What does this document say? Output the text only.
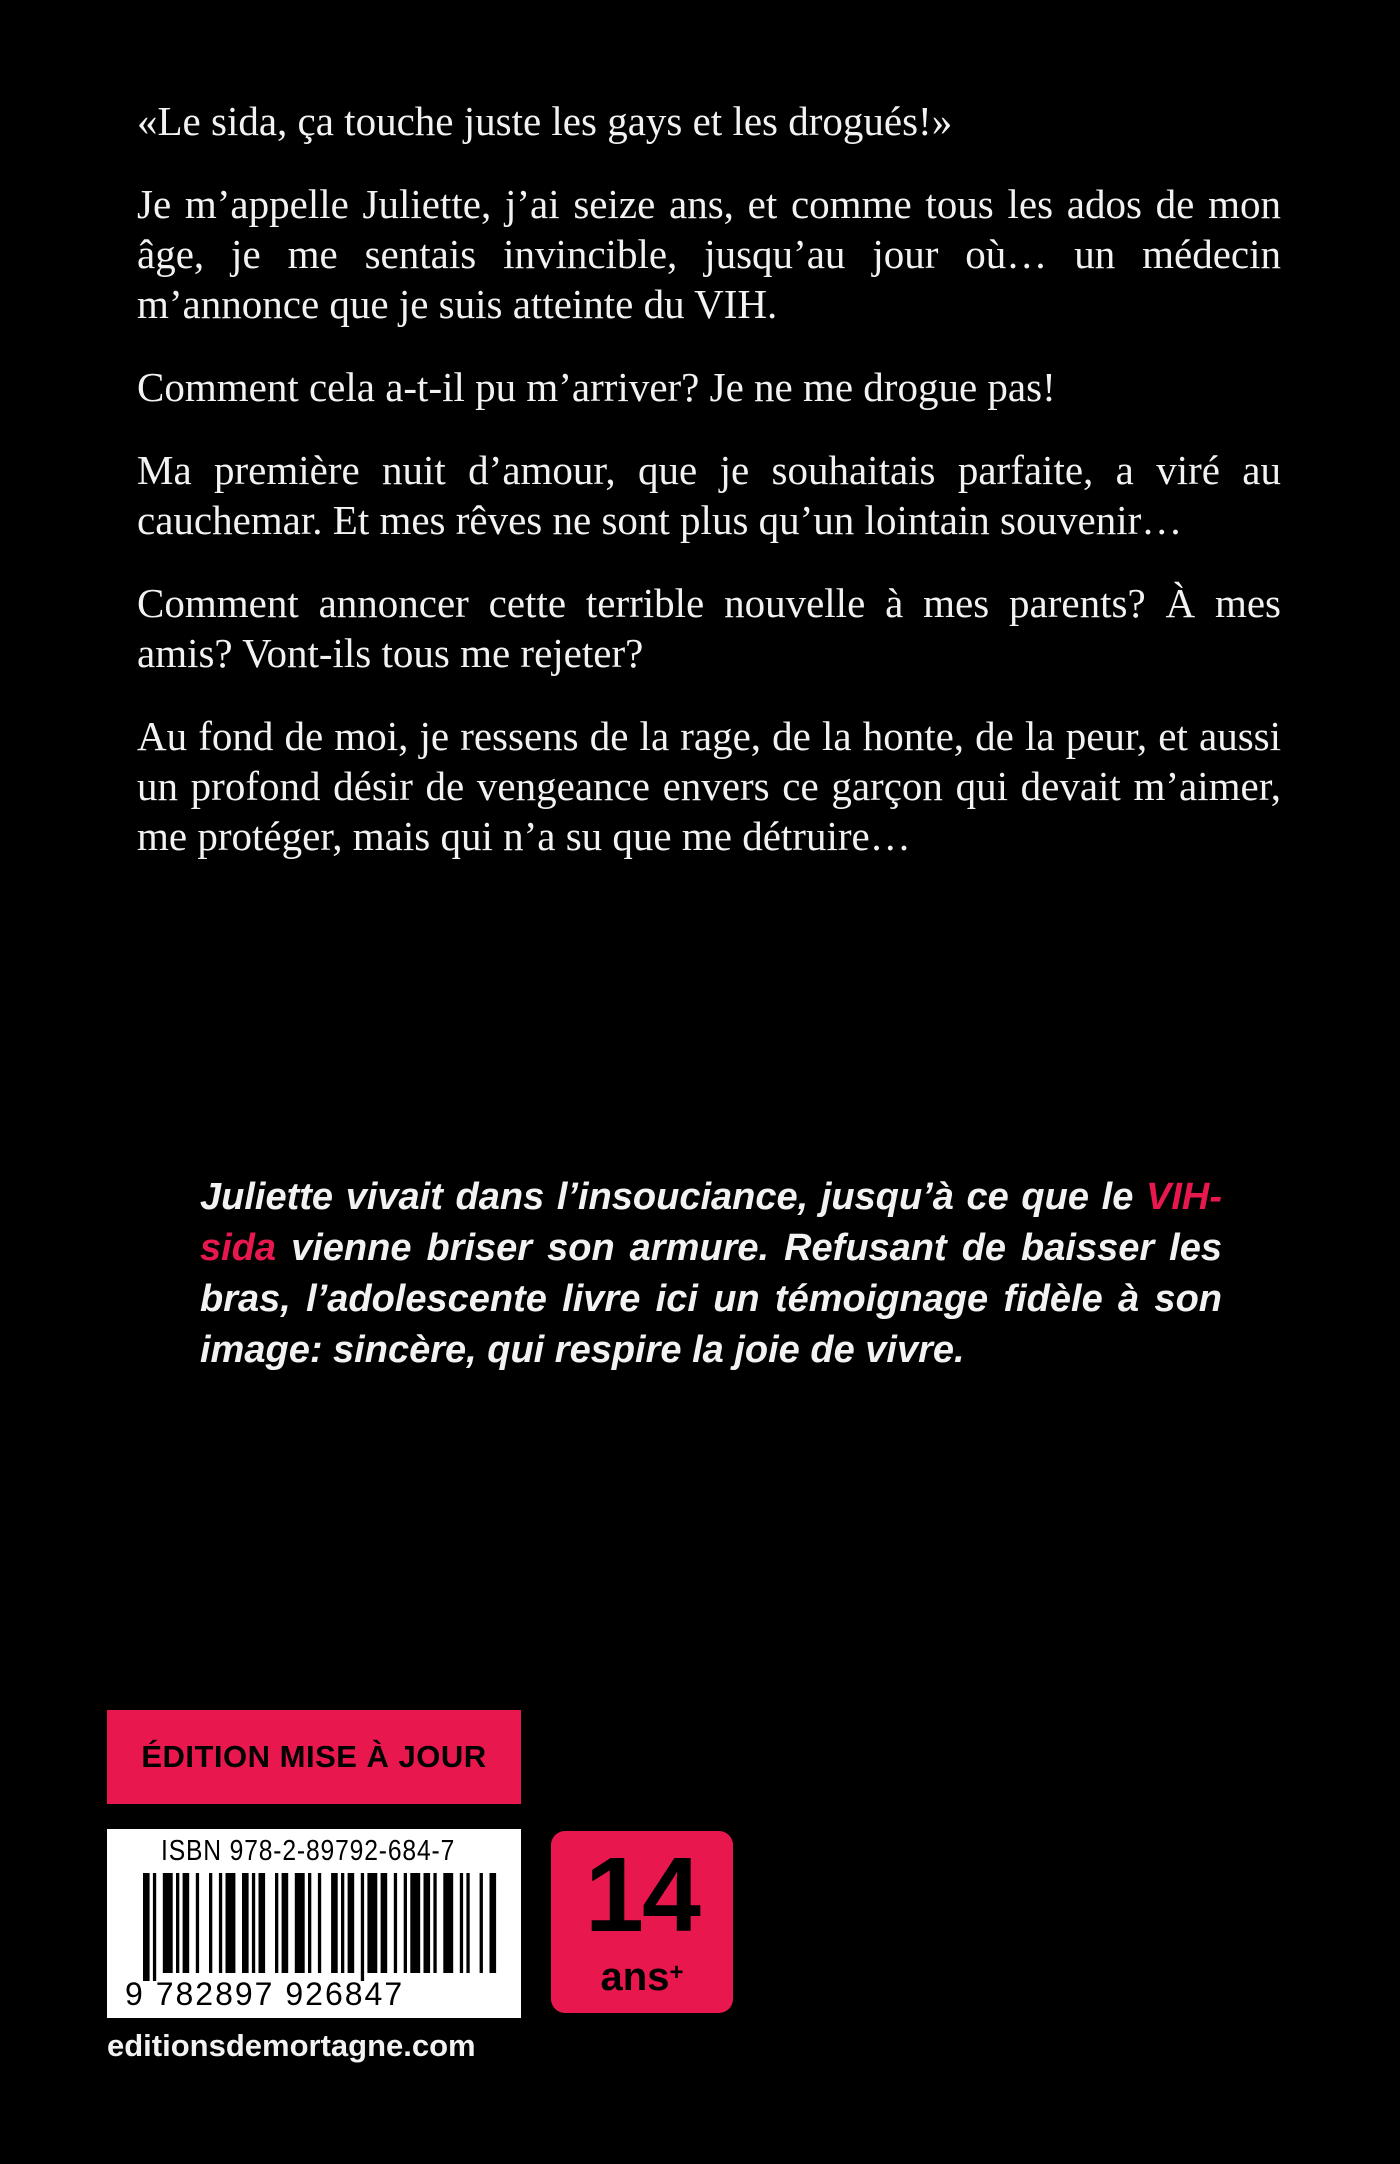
«Le sida, ça touche juste les gays et les drogués!»

Je m’appelle Juliette, j’ai seize ans, et comme tous les ados de mon âge, je me sentais invincible, jusqu’au jour où… un médecin m’annonce que je suis atteinte du VIH.

Comment cela a-t-il pu m’arriver? Je ne me drogue pas!

Ma première nuit d’amour, que je souhaitais parfaite, a viré au cauchemar. Et mes rêves ne sont plus qu’un lointain souvenir…

Comment annoncer cette terrible nouvelle à mes parents? À mes amis? Vont-ils tous me rejeter?

Au fond de moi, je ressens de la rage, de la honte, de la peur, et aussi un profond désir de vengeance envers ce garçon qui devait m’aimer, me protéger, mais qui n’a su que me détruire…

Juliette vivait dans l’insouciance, jusqu’à ce que le VIH-sida vienne briser son armure. Refusant de baisser les bras, l’adolescente livre ici un témoignage fidèle à son image: sincère, qui respire la joie de vivre.
ÉDITION MISE À JOUR
ISBN 978-2-89792-684-7
9 782897 926847
14
ans+
editionsdemortagne.com
